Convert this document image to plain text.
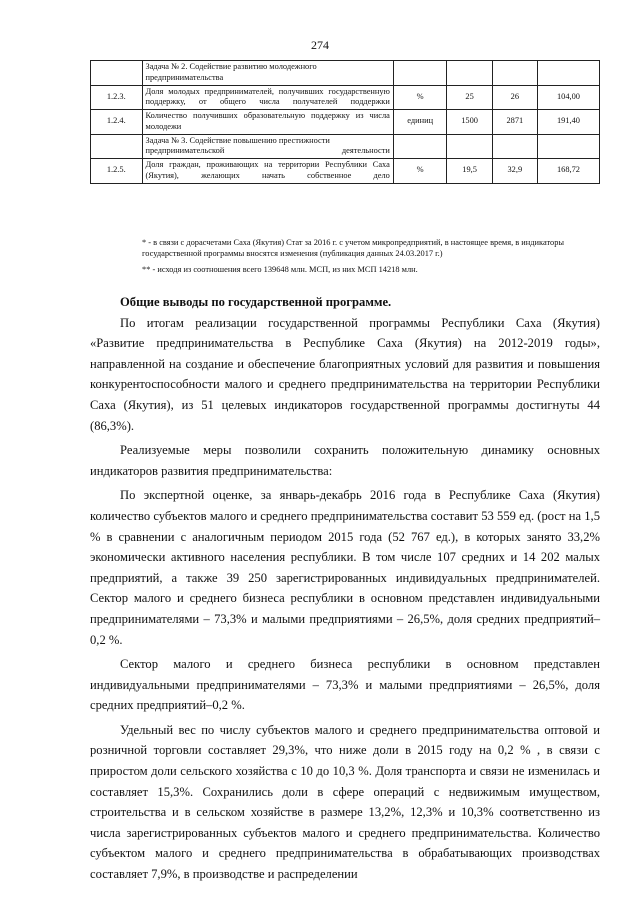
274
	Задача № 2. Содействие развитию молодежного предпринимательства				
1.2.3.	Доля молодых предпринимателей, получивших государственную поддержку, от общего числа получателей поддержки	%	25	26	104,00
1.2.4.	Количество получивших образовательную поддержку из числа молодежи	единиц	1500	2871	191,40
	Задача № 3. Содействие повышению престижности предпринимательской деятельности				
1.2.5.	Доля граждан, проживающих на территории Республики Саха (Якутия), желающих начать собственное дело	%	19,5	32,9	168,72

* - в связи с дорасчетами Саха (Якутия) Стат за 2016 г. с учетом микропредприятий, в настоящее время, в индикаторы государственной программы вносятся изменения (публикация данных 24.03.2017 г.)

** - исходя из соотношения всего 139648 млн. МСП, из них МСП 14218 млн.

Общие выводы по государственной программе.

По итогам реализации государственной программы Республики Саха (Якутия) «Развитие предпринимательства в Республике Саха (Якутия) на 2012-2019 годы», направленной на создание и обеспечение благоприятных условий для развития и повышения конкурентоспособности малого и среднего предпринимательства на территории Республики Саха (Якутия), из 51 целевых индикаторов государственной программы достигнуты 44 (86,3%).

Реализуемые меры позволили сохранить положительную динамику основных индикаторов развития предпринимательства:

По экспертной оценке, за январь-декабрь 2016 года в Республике Саха (Якутия) количество субъектов малого и среднего предпринимательства составит 53 559 ед. (рост на 1,5 % в сравнении с аналогичным периодом 2015 года (52 767 ед.), в которых занято 33,2% экономически активного населения республики. В том числе 107 средних и 14 202 малых предприятий, а также 39 250 зарегистрированных индивидуальных предпринимателей. Сектор малого и среднего бизнеса республики в основном представлен индивидуальными предпринимателями – 73,3% и малыми предприятиями – 26,5%, доля средних предприятий– 0,2 %.

Сектор малого и среднего бизнеса республики в основном представлен индивидуальными предпринимателями – 73,3% и малыми предприятиями – 26,5%, доля средних предприятий–0,2 %.

Удельный вес по числу субъектов малого и среднего предпринимательства оптовой и розничной торговли составляет 29,3%, что ниже доли в 2015 году на 0,2 % , в связи с приростом доли сельского хозяйства с 10 до 10,3 %. Доля транспорта и связи не изменилась и составляет 15,3%. Сохранились доли в сфере операций с недвижимым имуществом, строительства и в сельском хозяйстве в размере 13,2%, 12,3% и 10,3% соответственно из числа зарегистрированных субъектов малого и среднего предпринимательства. Количество субъектом малого и среднего предпринимательства в обрабатывающих производствах составляет 7,9%, в производстве и распределении
